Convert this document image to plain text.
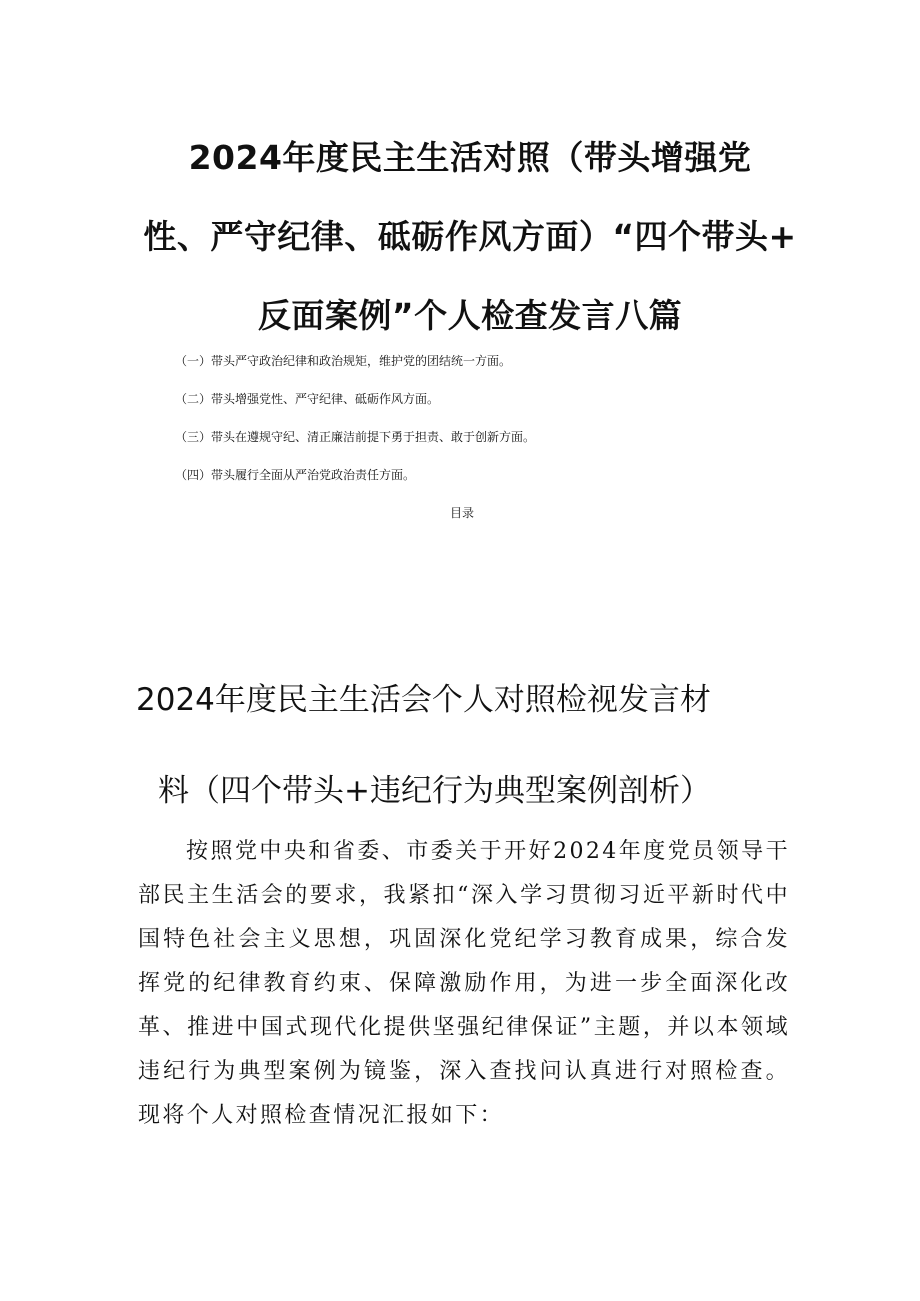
2024年度民主生活对照（带头增强党
性、严守纪律、砥砺作风方面）“四个带头+
反面案例”个人检查发言八篇
（一）带头严守政治纪律和政治规矩，维护党的团结统一方面。
（二）带头增强党性、严守纪律、砥砺作风方面。
（三）带头在遵规守纪、清正廉洁前提下勇于担责、敢于创新方面。
（四）带头履行全面从严治党政治责任方面。
目录
2024年度民主生活会个人对照检视发言材
料（四个带头+违纪行为典型案例剖析）

按照党中央和省委、市委关于开好2024年度党员领导干部民主生活会的要求，我紧扣“深入学习贯彻习近平新时代中国特色社会主义思想，巩固深化党纪学习教育成果，综合发挥党的纪律教育约束、保障激励作用，为进一步全面深化改革、推进中国式现代化提供坚强纪律保证”主题，并以本领域违纪行为典型案例为镜鉴，深入查找问认真进行对照检查。现将个人对照检查情况汇报如下：
